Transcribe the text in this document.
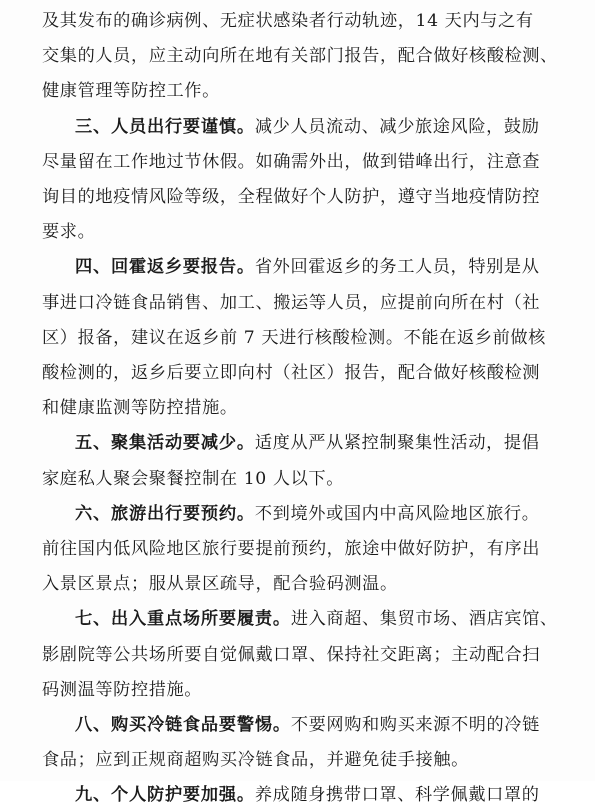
及其发布的确诊病例、无症状感染者行动轨迹，14 天内与之有
交集的人员，应主动向所在地有关部门报告，配合做好核酸检测、
健康管理等防控工作。
三、人员出行要谨慎。减少人员流动、减少旅途风险，鼓励
尽量留在工作地过节休假。如确需外出，做到错峰出行，注意查
询目的地疫情风险等级，全程做好个人防护，遵守当地疫情防控
要求。
四、回霍返乡要报告。省外回霍返乡的务工人员，特别是从
事进口冷链食品销售、加工、搬运等人员，应提前向所在村（社
区）报备，建议在返乡前 7 天进行核酸检测。不能在返乡前做核
酸检测的，返乡后要立即向村（社区）报告，配合做好核酸检测
和健康监测等防控措施。
五、聚集活动要减少。适度从严从紧控制聚集性活动，提倡
家庭私人聚会聚餐控制在 10 人以下。
六、旅游出行要预约。不到境外或国内中高风险地区旅行。
前往国内低风险地区旅行要提前预约，旅途中做好防护，有序出
入景区景点；服从景区疏导，配合验码测温。
七、出入重点场所要履责。进入商超、集贸市场、酒店宾馆、
影剧院等公共场所要自觉佩戴口罩、保持社交距离；主动配合扫
码测温等防控措施。
八、购买冷链食品要警惕。不要网购和购买来源不明的冷链
食品；应到正规商超购买冷链食品，并避免徒手接触。
九、个人防护要加强。养成随身携带口罩、科学佩戴口罩的
